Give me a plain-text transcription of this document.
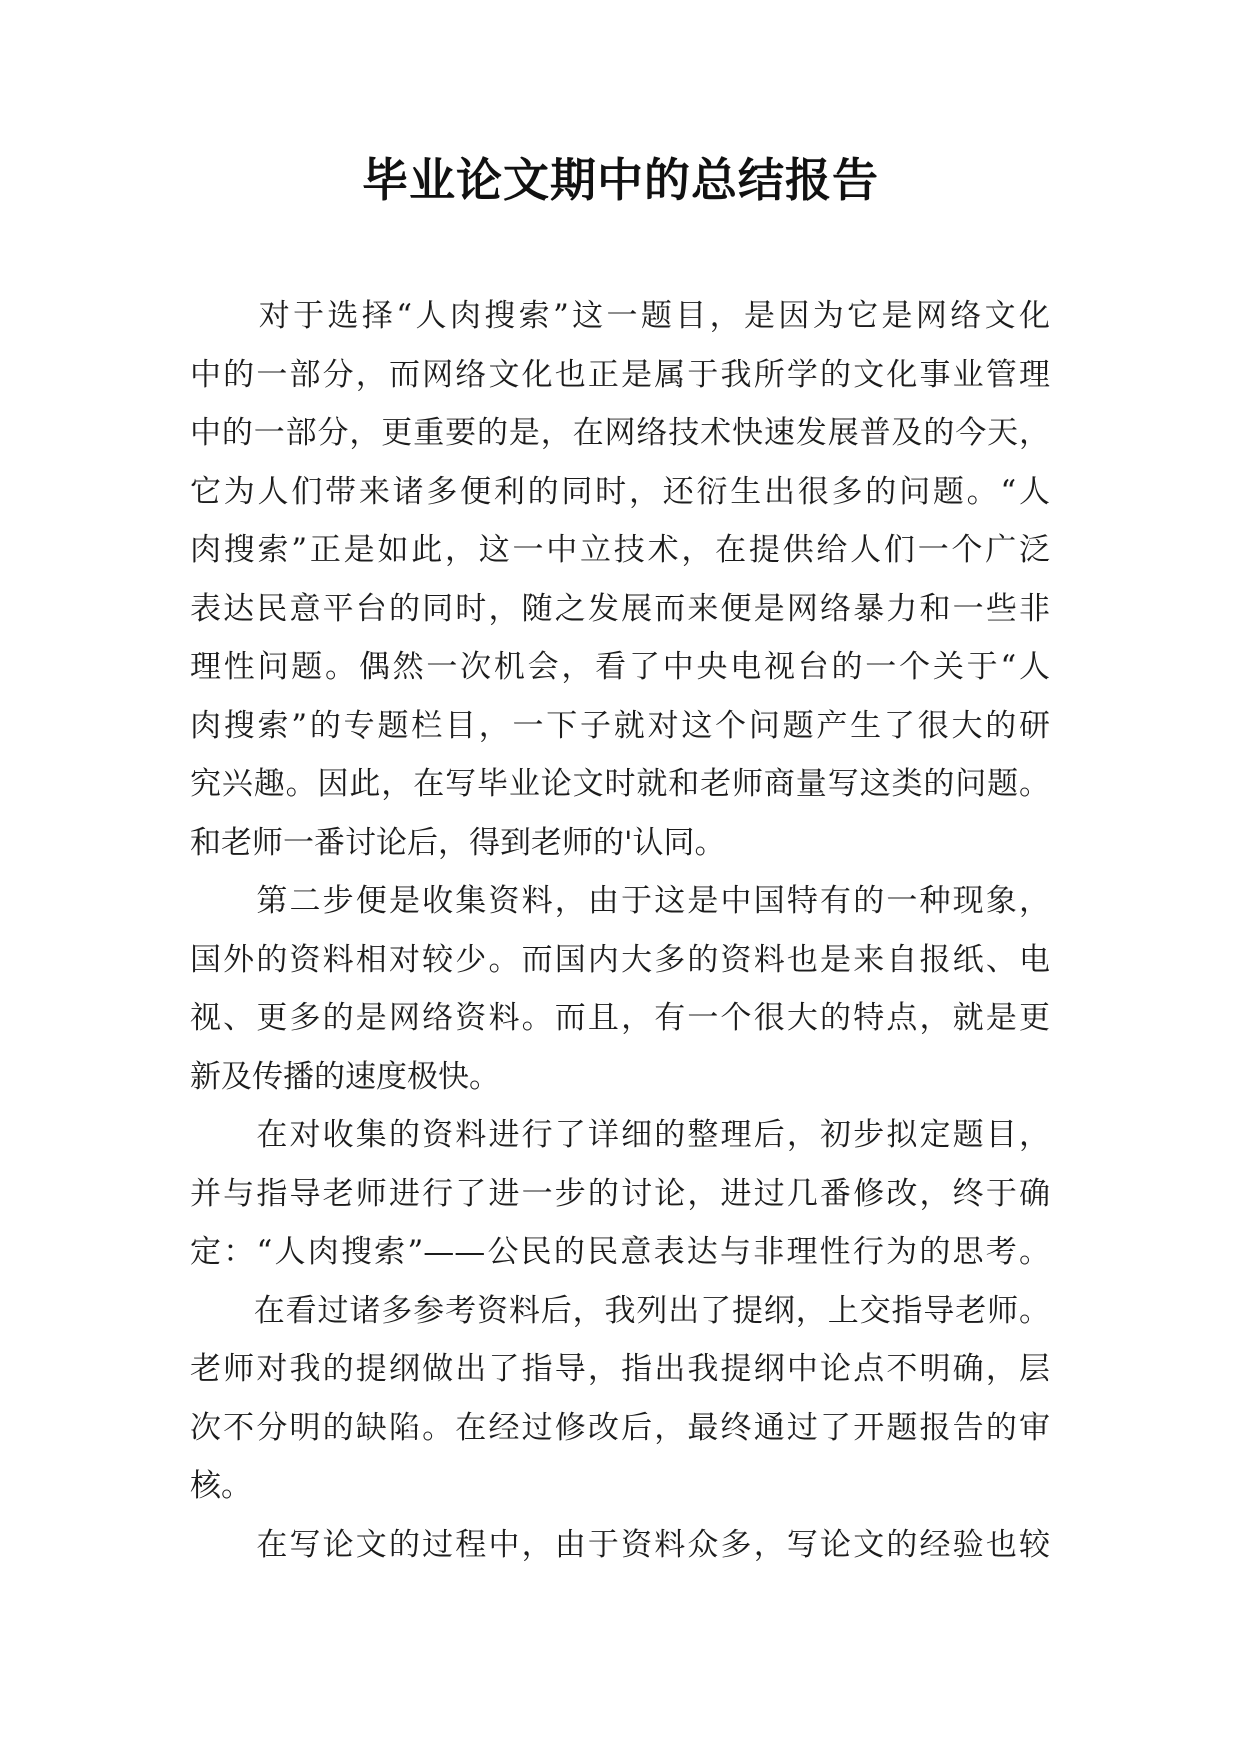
毕业论文期中的总结报告
　　对于选择“人肉搜索”这一题目，是因为它是网络文化
中的一部分，而网络文化也正是属于我所学的文化事业管理
中的一部分，更重要的是，在网络技术快速发展普及的今天，
它为人们带来诸多便利的同时，还衍生出很多的问题。“人
肉搜索”正是如此，这一中立技术，在提供给人们一个广泛
表达民意平台的同时，随之发展而来便是网络暴力和一些非
理性问题。偶然一次机会，看了中央电视台的一个关于“人
肉搜索”的专题栏目，一下子就对这个问题产生了很大的研
究兴趣。因此，在写毕业论文时就和老师商量写这类的问题。
和老师一番讨论后，得到老师的'认同。
　　第二步便是收集资料，由于这是中国特有的一种现象，
国外的资料相对较少。而国内大多的资料也是来自报纸、电
视、更多的是网络资料。而且，有一个很大的特点，就是更
新及传播的速度极快。
　　在对收集的资料进行了详细的整理后，初步拟定题目，
并与指导老师进行了进一步的讨论，进过几番修改，终于确
定：“人肉搜索”——公民的民意表达与非理性行为的思考。
　　在看过诸多参考资料后，我列出了提纲，上交指导老师。
老师对我的提纲做出了指导，指出我提纲中论点不明确，层
次不分明的缺陷。在经过修改后，最终通过了开题报告的审
核。
　　在写论文的过程中，由于资料众多，写论文的经验也较
